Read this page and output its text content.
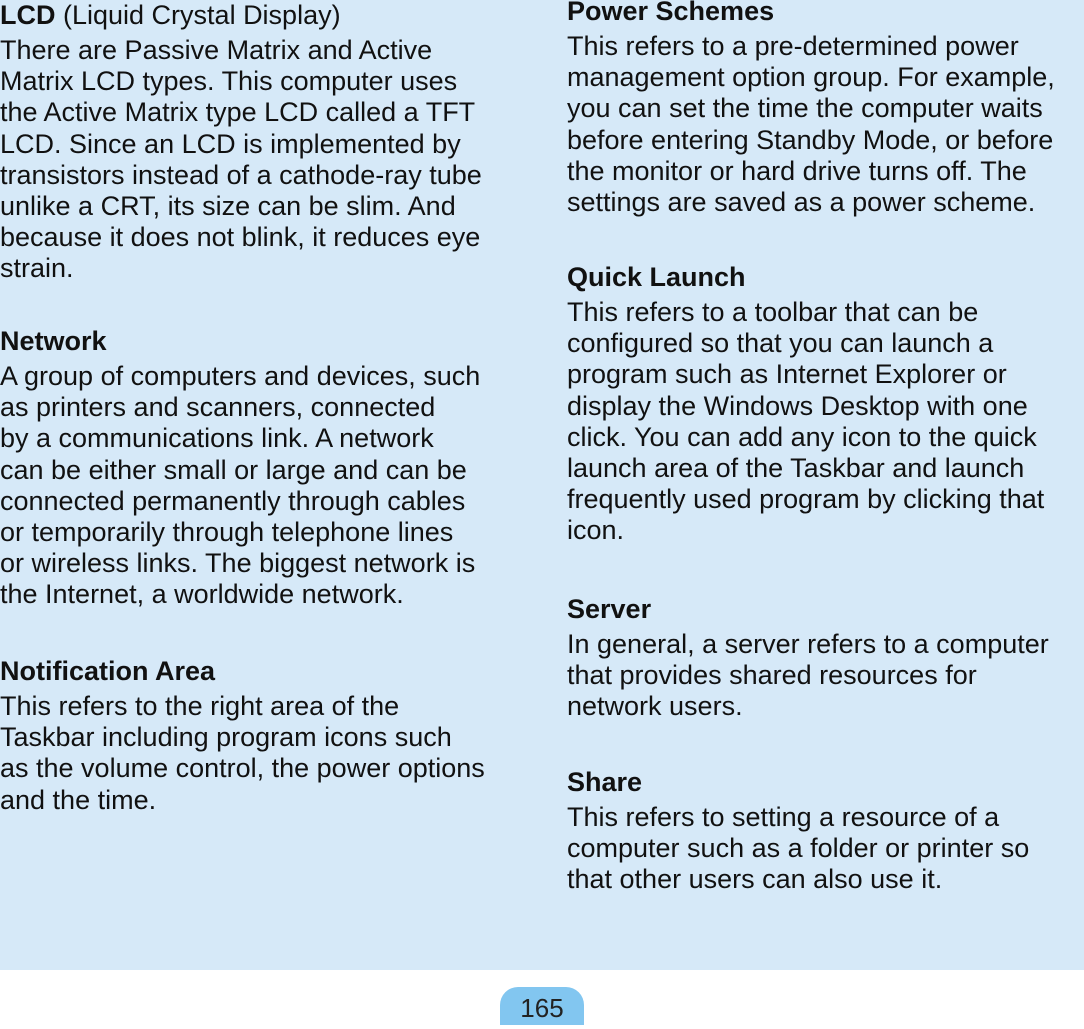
LCD (Liquid Crystal Display)

There are Passive Matrix and Active
Matrix LCD types. This computer uses
the Active Matrix type LCD called a TFT
LCD. Since an LCD is implemented by
transistors instead of a cathode-ray tube
unlike a CRT, its size can be slim. And
because it does not blink, it reduces eye
strain.

Network

A group of computers and devices, such
as printers and scanners, connected
by a communications link. A network
can be either small or large and can be
connected permanently through cables
or temporarily through telephone lines
or wireless links. The biggest network is
the Internet, a worldwide network.

Notification Area

This refers to the right area of the
Taskbar including program icons such
as the volume control, the power options
and the time.

Power Schemes

This refers to a pre-determined power
management option group. For example,
you can set the time the computer waits
before entering Standby Mode, or before
the monitor or hard drive turns off. The
settings are saved as a power scheme.

Quick Launch

This refers to a toolbar that can be
configured so that you can launch a
program such as Internet Explorer or
display the Windows Desktop with one
click. You can add any icon to the quick
launch area of the Taskbar and launch
frequently used program by clicking that
icon.

Server

In general, a server refers to a computer
that provides shared resources for
network users.

Share

This refers to setting a resource of a
computer such as a folder or printer so
that other users can also use it.

165
